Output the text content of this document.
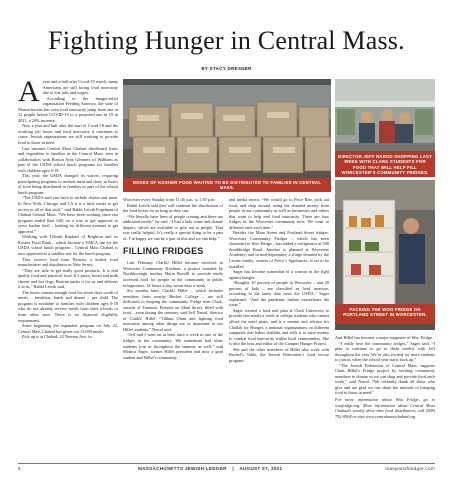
Fighting Hunger in Central Mass.
BY STACY DRESNER

Ayear and a half after Covid-19 struck, many Americans are still facing food insecurity due to lost jobs and wages.

According to the hunger-relief organization Feeding America, the state of Massachusetts has seen food insecurity jump from one in 12 people before COVID-19 to a projected one in 10 in 2021, a 20% increase.

Now a year and half after the start of Covid-19 and the resulting job losses and food insecurity it continues to cause, Jewish organizations are still working to provide food to those in need.

Last summer Central Mass Chabad distributed fruits and vegetables to families in the Central Mass. area in collaboration with Boston Area Gleaners of Waltham as part of the USDA school lunch programs for families with children ages 0-18.

This year, the USDA changed its waiver, requiring participating programs to include meat and dairy in boxes of food being distributed to families as part of the school lunch program.

“The USDA said you have to include cheese and meat. In New York, Chicago and LA it is a little easier to get access to all of that stuff,” said Rabbi Leivik Fogelman of Chabad Central Mass. “We have been working since our program ended [last fall] on a way to get approval to serve kosher food – looking for different avenues to get approval.”

Working with Tiferith Raphael of Brighton and its Kosher Food Bank – which became a YMCA site for the USDA school lunch program – Central Mass Chabad is now approved as a satellite site for the lunch program.

They receive food from Bertran, a kosher food manufacturer and distributor in New Jersey.

“They are able to get really good products. It is real quality food and practical food. It’s pizza, bread and milk cheese and hot dogs. Bertran packs it for us and delivers it to us,” Rabbi Leivik said.

The boxes contain enough food for seven days worth of meals – breakfast, lunch and dinner – per child. The program is available to families with children ages 0-18 who do not already receive meals from their schools or from other sites. There is no financial eligibility requirement.

Since beginning the expanded program on July 22, Central Mass Chabad has given out 15,000 meals.

Pick up is at Chabad, 22 Newton Ave. in

BOXES OF KOSHER FOOD WAITING TO BE DISTRIBUTED TO FAMILIES IN CENTRAL MASS.

Worcester every Sunday from 11:45 a.m. to 1:30 p.m.

Rabbi Leivik said they will continue the distribution of the food boxes for as long as they can.

“We literally have lines of people coming and there are additional needs,” he said. “I had a lady come and donate diapers, which are available to give out to people. That was really helpful. It’s really a special thing to be a part of. I’m happy we can be a part of this and we can help.”

FILLING FRIDGES

Last February ClarkU Hillel became involved in Worcester Community Kitchens, a project founded by Northborough teacher Maria Ravelli to provide easily accessed food for people in the community in public refrigerators, 24 hours a day, seven days a week.

Six months later, ClarkU Hillel – which includes members from nearby Becker College – are still dedicated to keeping the community Fridge near Clark, outside of Fantastic Pizzeria on Main Street, filled with food – even during the summer, said Jeff Narod, director of ClarkU Hillel. “Tikkun Olam and fighting food insecurity among other things are so important to our Hillel students,” Narod said.

“Jeff and I went on at least once a week to one of the fridges in the community. We sometimes had other students join us throughout the summer as well,” said Monica Sager, former Hillel president and now a grad student and Hillel’s community

and media intern. “We would go to Price Rite, pick out food, and shop around, using the donated money from people in our community as well as businesses and others that want to help end food insecurity. There are four fridges in the Worcester community now. We went to different ones each time.”

Besides the Main Street and Portland Street fridges, Worcester Community Fridges – which has been shortened to Woo Fridge – has added a refrigerator at 500 Southbridge Road. Another is planned at Worcester Academy; and in mid-September, a fridge donated by the Levine family, owners of Percy’s Appliances, is set to be installed.

Sager has become somewhat of a warrior in the fight against hunger.

“Roughly 10 percent of people in Worcester – and 20 percent of kids – are classified as food insecure, according to the latest data from the USDA,” Sager explained. “And the pandemic further exacerbates the issue.”

Sager created a food nail plan at Clark University to provide free meals a week to college students who cannot afford the meal plans, and is a mentor and advisor for Challah for Hunger, a national organizations on different campuses that bakes challahs and sells it to raise money to combat food insecurity within local communities. She is also the host and editor of the Campus Hunger Project.

She and the other members of Hillel also work with Rachel’s Table, the Jewish Federation’s food rescue program.

DIRECTOR JEFF NAROD SHOPPING LAST WEEK WITH CLARK STUDENTS FOR FOOD THAT WILL HELP FILL WORCESTER’S COMMUNITY FRIDGES.
PACKING THE WOO FRIDGE ON PORTLAND STREET IN WORCESTER.

And Hillel has become a major supporter of Woo Fridge.

“I really love the community fridges,” Sager said. “I plan to continue to go to them weekly with Jeff throughout the year. We’re also excited for more students to join us when the school year starts back up.”

“The Jewish Federation of Central Mass. supports Clark Hillel’s Fridge project by inviting community members to donate so we can shop and provide food each week,” said Narod. “We certainly thank all those who give and are glad we can share the mitzvah of bringing food to those in need.”

For more information about Woo Fridge, go to woofridge.org. More information about Central Mass Chabad’s weekly drive-thru food distribution, call (508) 752-0904 or visit www.centralmasschabad.org

6	MASSACHUSETTS JEWISH LEDGER | AUGUST 27, 2021	masjewishledger.com
